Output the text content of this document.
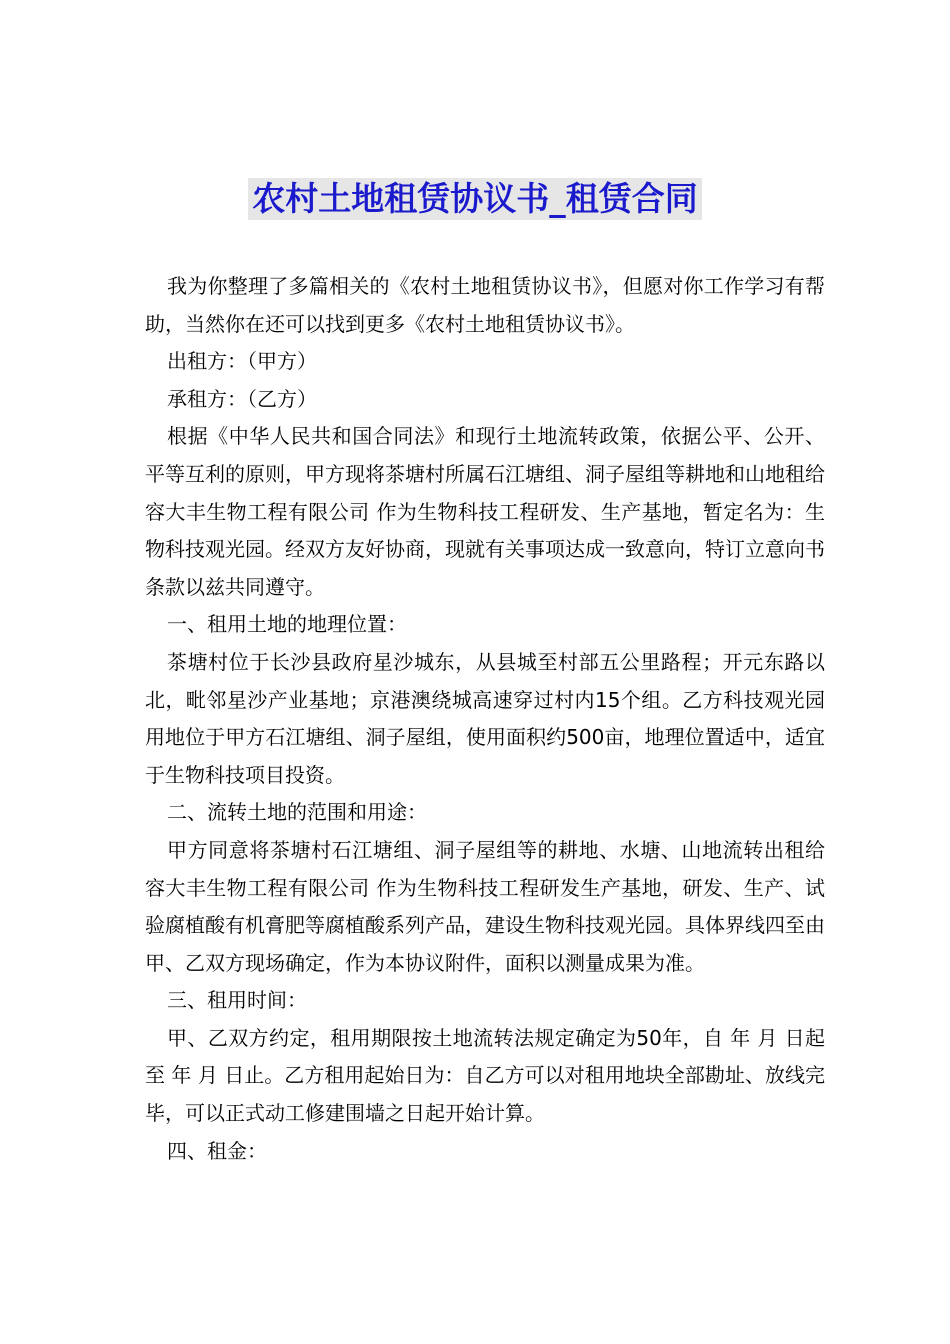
农村土地租赁协议书_租赁合同

我为你整理了多篇相关的《农村土地租赁协议书》，但愿对你工作学习有帮助，当然你在还可以找到更多《农村土地租赁协议书》。

出租方：（甲方）

承租方：（乙方）

根据《中华人民共和国合同法》和现行土地流转政策，依据公平、公开、平等互利的原则，甲方现将茶塘村所属石江塘组、洞子屋组等耕地和山地租给 容大丰生物工程有限公司 作为生物科技工程研发、生产基地，暂定名为：生物科技观光园。经双方友好协商，现就有关事项达成一致意向，特订立意向书条款以兹共同遵守。

一、租用土地的地理位置：

茶塘村位于长沙县政府星沙城东，从县城至村部五公里路程；开元东路以北，毗邻星沙产业基地；京港澳绕城高速穿过村内15个组。乙方科技观光园用地位于甲方石江塘组、洞子屋组，使用面积约500亩，地理位置适中，适宜于生物科技项目投资。

二、流转土地的范围和用途：

甲方同意将茶塘村石江塘组、洞子屋组等的耕地、水塘、山地流转出租给 容大丰生物工程有限公司 作为生物科技工程研发生产基地，研发、生产、试验腐植酸有机膏肥等腐植酸系列产品，建设生物科技观光园。具体界线四至由甲、乙双方现场确定，作为本协议附件，面积以测量成果为准。

三、租用时间：

甲、乙双方约定，租用期限按土地流转法规定确定为50年，自 年 月 日起至 年 月 日止。乙方租用起始日为：自乙方可以对租用地块全部勘址、放线完毕，可以正式动工修建围墙之日起开始计算。

四、租金：
